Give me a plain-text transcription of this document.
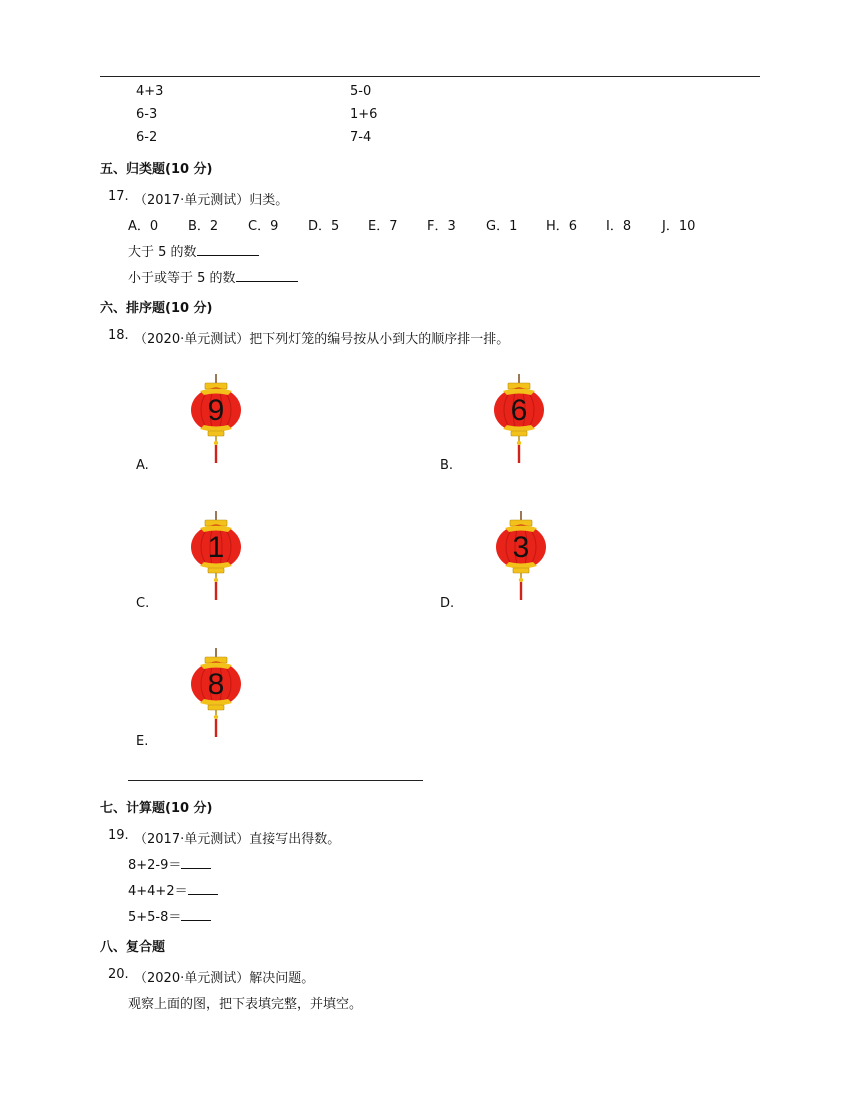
4+3
6-3
6-2
5-0
1+6
7-4
五、归类题(10 分)
17. （2017·单元测试）归类。
A．0 B．2 C．9 D．5 E．7 F．3 G．1 H．6 I．8 J．10
大于 5 的数
小于或等于 5 的数
六、排序题(10 分)
18. （2020·单元测试）把下列灯笼的编号按从小到大的顺序排一排。
9
A.
6
B.
1
C.
3
D.
8
E.
七、计算题(10 分)
19. （2017·单元测试）直接写出得数。
8+2-9＝
4+4+2＝
5+5-8＝
八、复合题
20. （2020·单元测试）解决问题。
观察上面的图，把下表填完整，并填空。
